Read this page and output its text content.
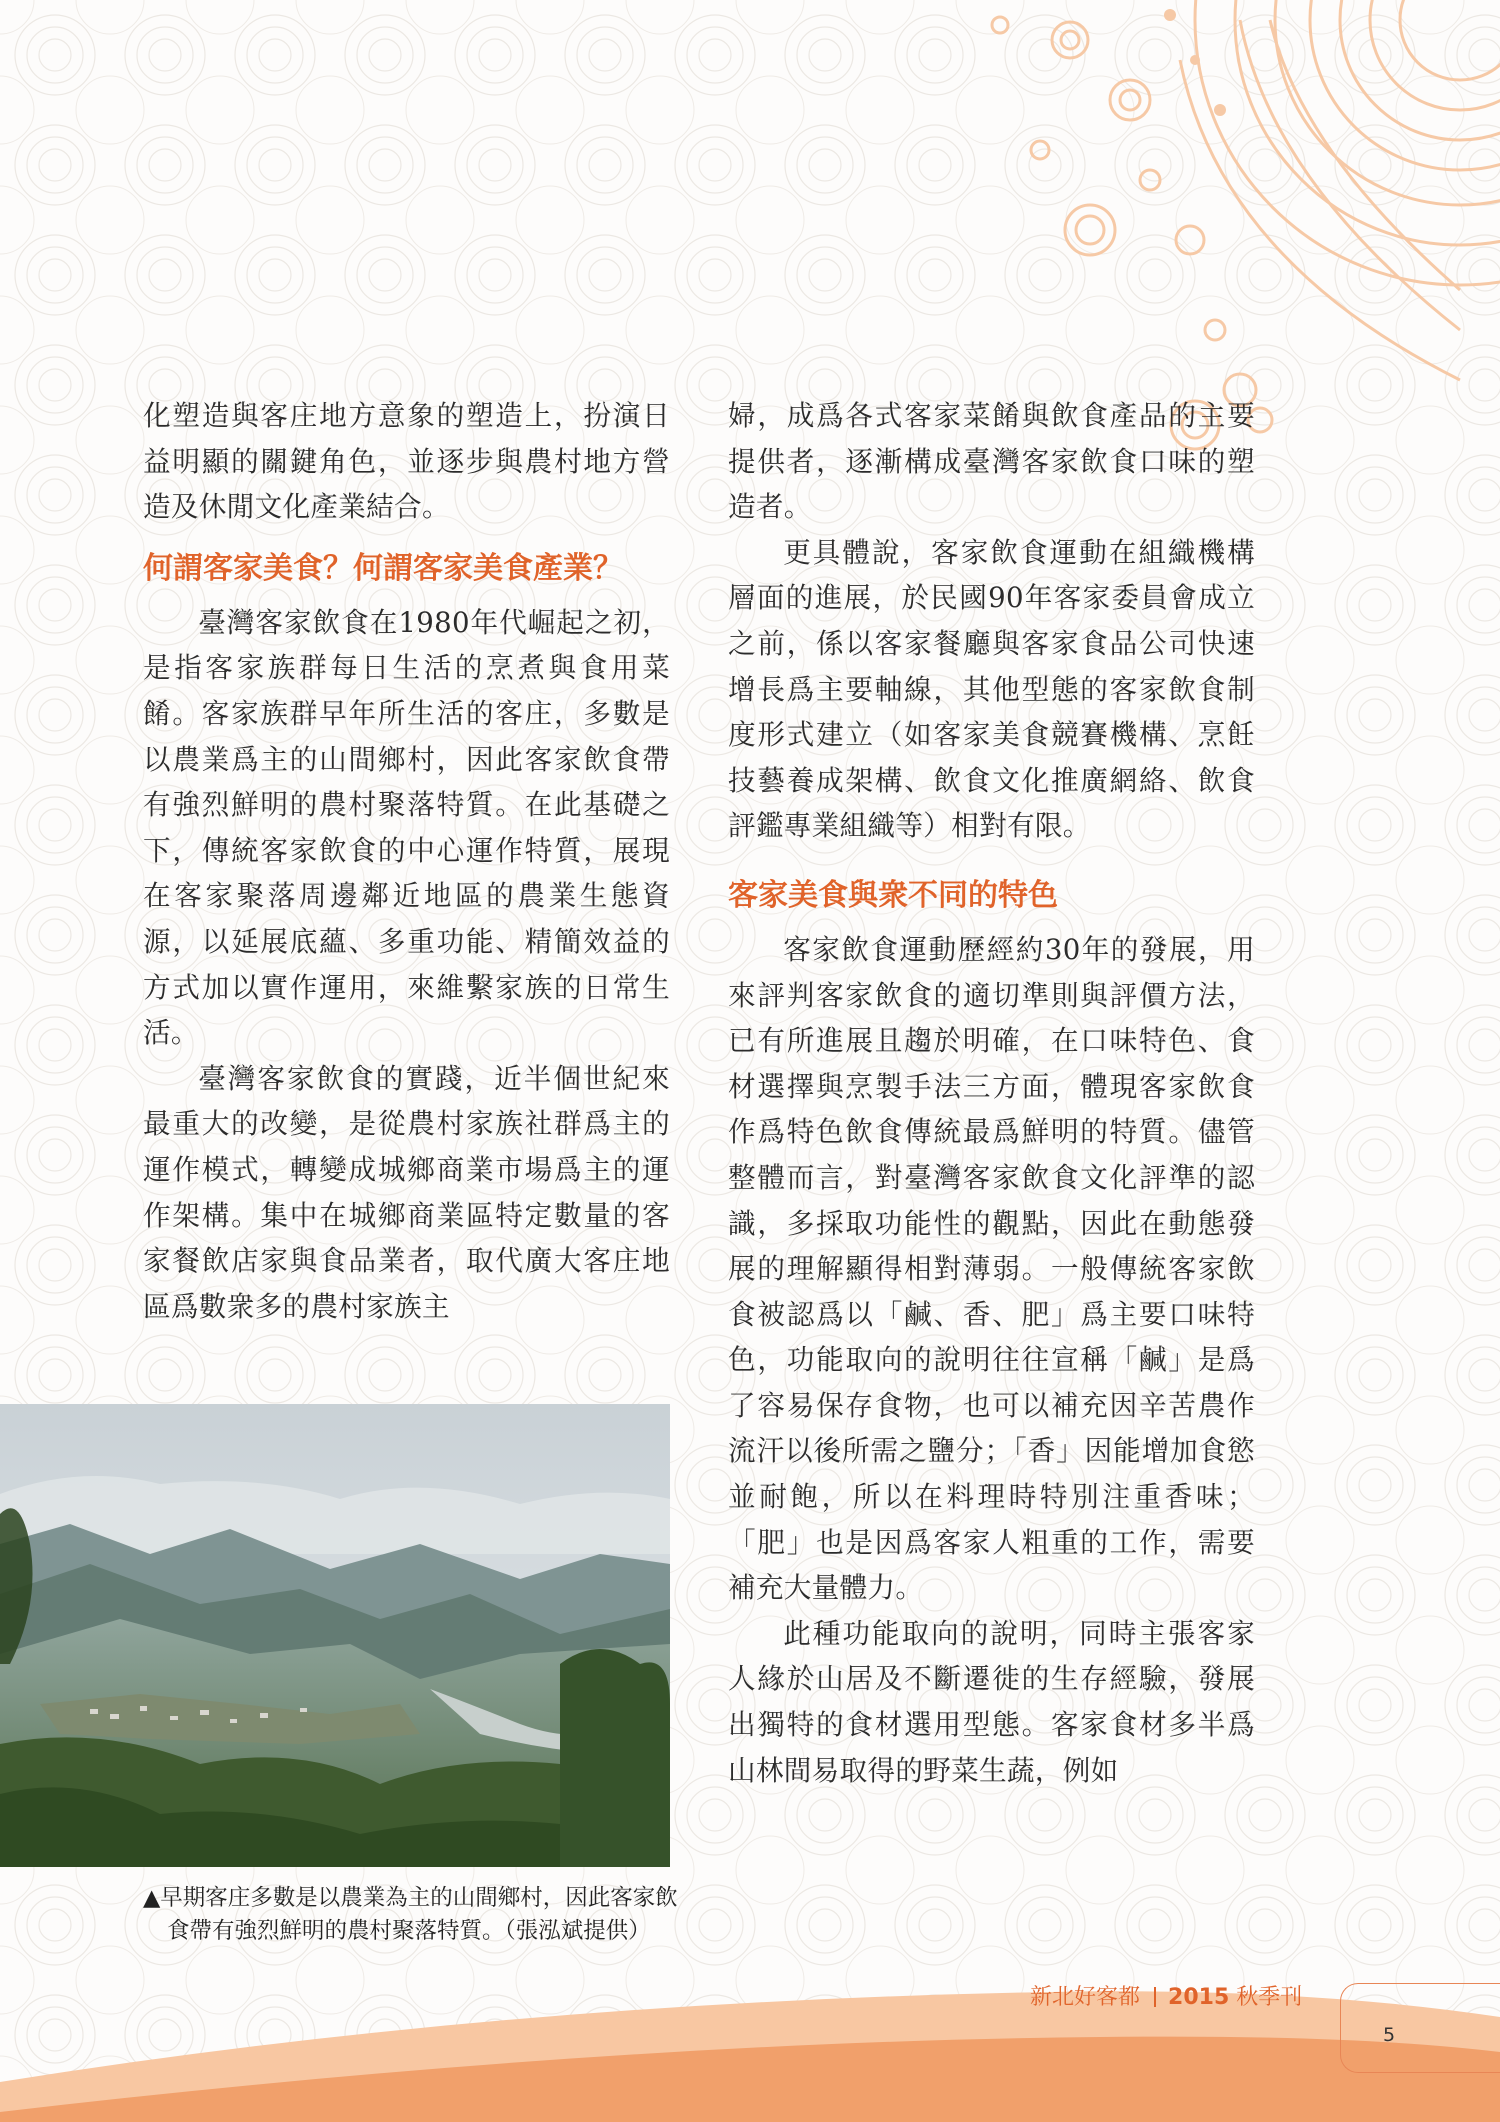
化塑造與客庄地方意象的塑造上，扮演日益明顯的關鍵角色，並逐步與農村地方營造及休閒文化產業結合。

何謂客家美食？何謂客家美食產業？

臺灣客家飲食在1980年代崛起之初，是指客家族群每日生活的烹煮與食用菜餚。客家族群早年所生活的客庄，多數是以農業爲主的山間鄉村，因此客家飲食帶有強烈鮮明的農村聚落特質。在此基礎之下，傳統客家飲食的中心運作特質，展現在客家聚落周邊鄰近地區的農業生態資源，以延展底蘊、多重功能、精簡效益的方式加以實作運用，來維繫家族的日常生活。

臺灣客家飲食的實踐，近半個世紀來最重大的改變，是從農村家族社群爲主的運作模式，轉變成城鄉商業市場爲主的運作架構。集中在城鄉商業區特定數量的客家餐飲店家與食品業者，取代廣大客庄地區爲數衆多的農村家族主

婦，成爲各式客家菜餚與飲食產品的主要提供者，逐漸構成臺灣客家飲食口味的塑造者。

更具體說，客家飲食運動在組織機構層面的進展，於民國90年客家委員會成立之前，係以客家餐廳與客家食品公司快速增長爲主要軸線，其他型態的客家飲食制度形式建立（如客家美食競賽機構、烹飪技藝養成架構、飲食文化推廣網絡、飲食評鑑專業組織等）相對有限。

客家美食與衆不同的特色

客家飲食運動歷經約30年的發展，用來評判客家飲食的適切準則與評價方法，已有所進展且趨於明確，在口味特色、食材選擇與烹製手法三方面，體現客家飲食作爲特色飲食傳統最爲鮮明的特質。儘管整體而言，對臺灣客家飲食文化評準的認識，多採取功能性的觀點，因此在動態發展的理解顯得相對薄弱。一般傳統客家飲食被認爲以「鹹、香、肥」爲主要口味特色，功能取向的說明往往宣稱「鹹」是爲了容易保存食物，也可以補充因辛苦農作流汗以後所需之鹽分；「香」因能增加食慾並耐飽，所以在料理時特別注重香味；「肥」也是因爲客家人粗重的工作，需要補充大量體力。

此種功能取向的說明，同時主張客家人緣於山居及不斷遷徙的生存經驗，發展出獨特的食材選用型態。客家食材多半爲山林間易取得的野菜生蔬，例如

▲早期客庄多數是以農業為主的山間鄉村，因此客家飲食帶有強烈鮮明的農村聚落特質。（張泓斌提供）
新北好客都 2015 秋季刊
5
